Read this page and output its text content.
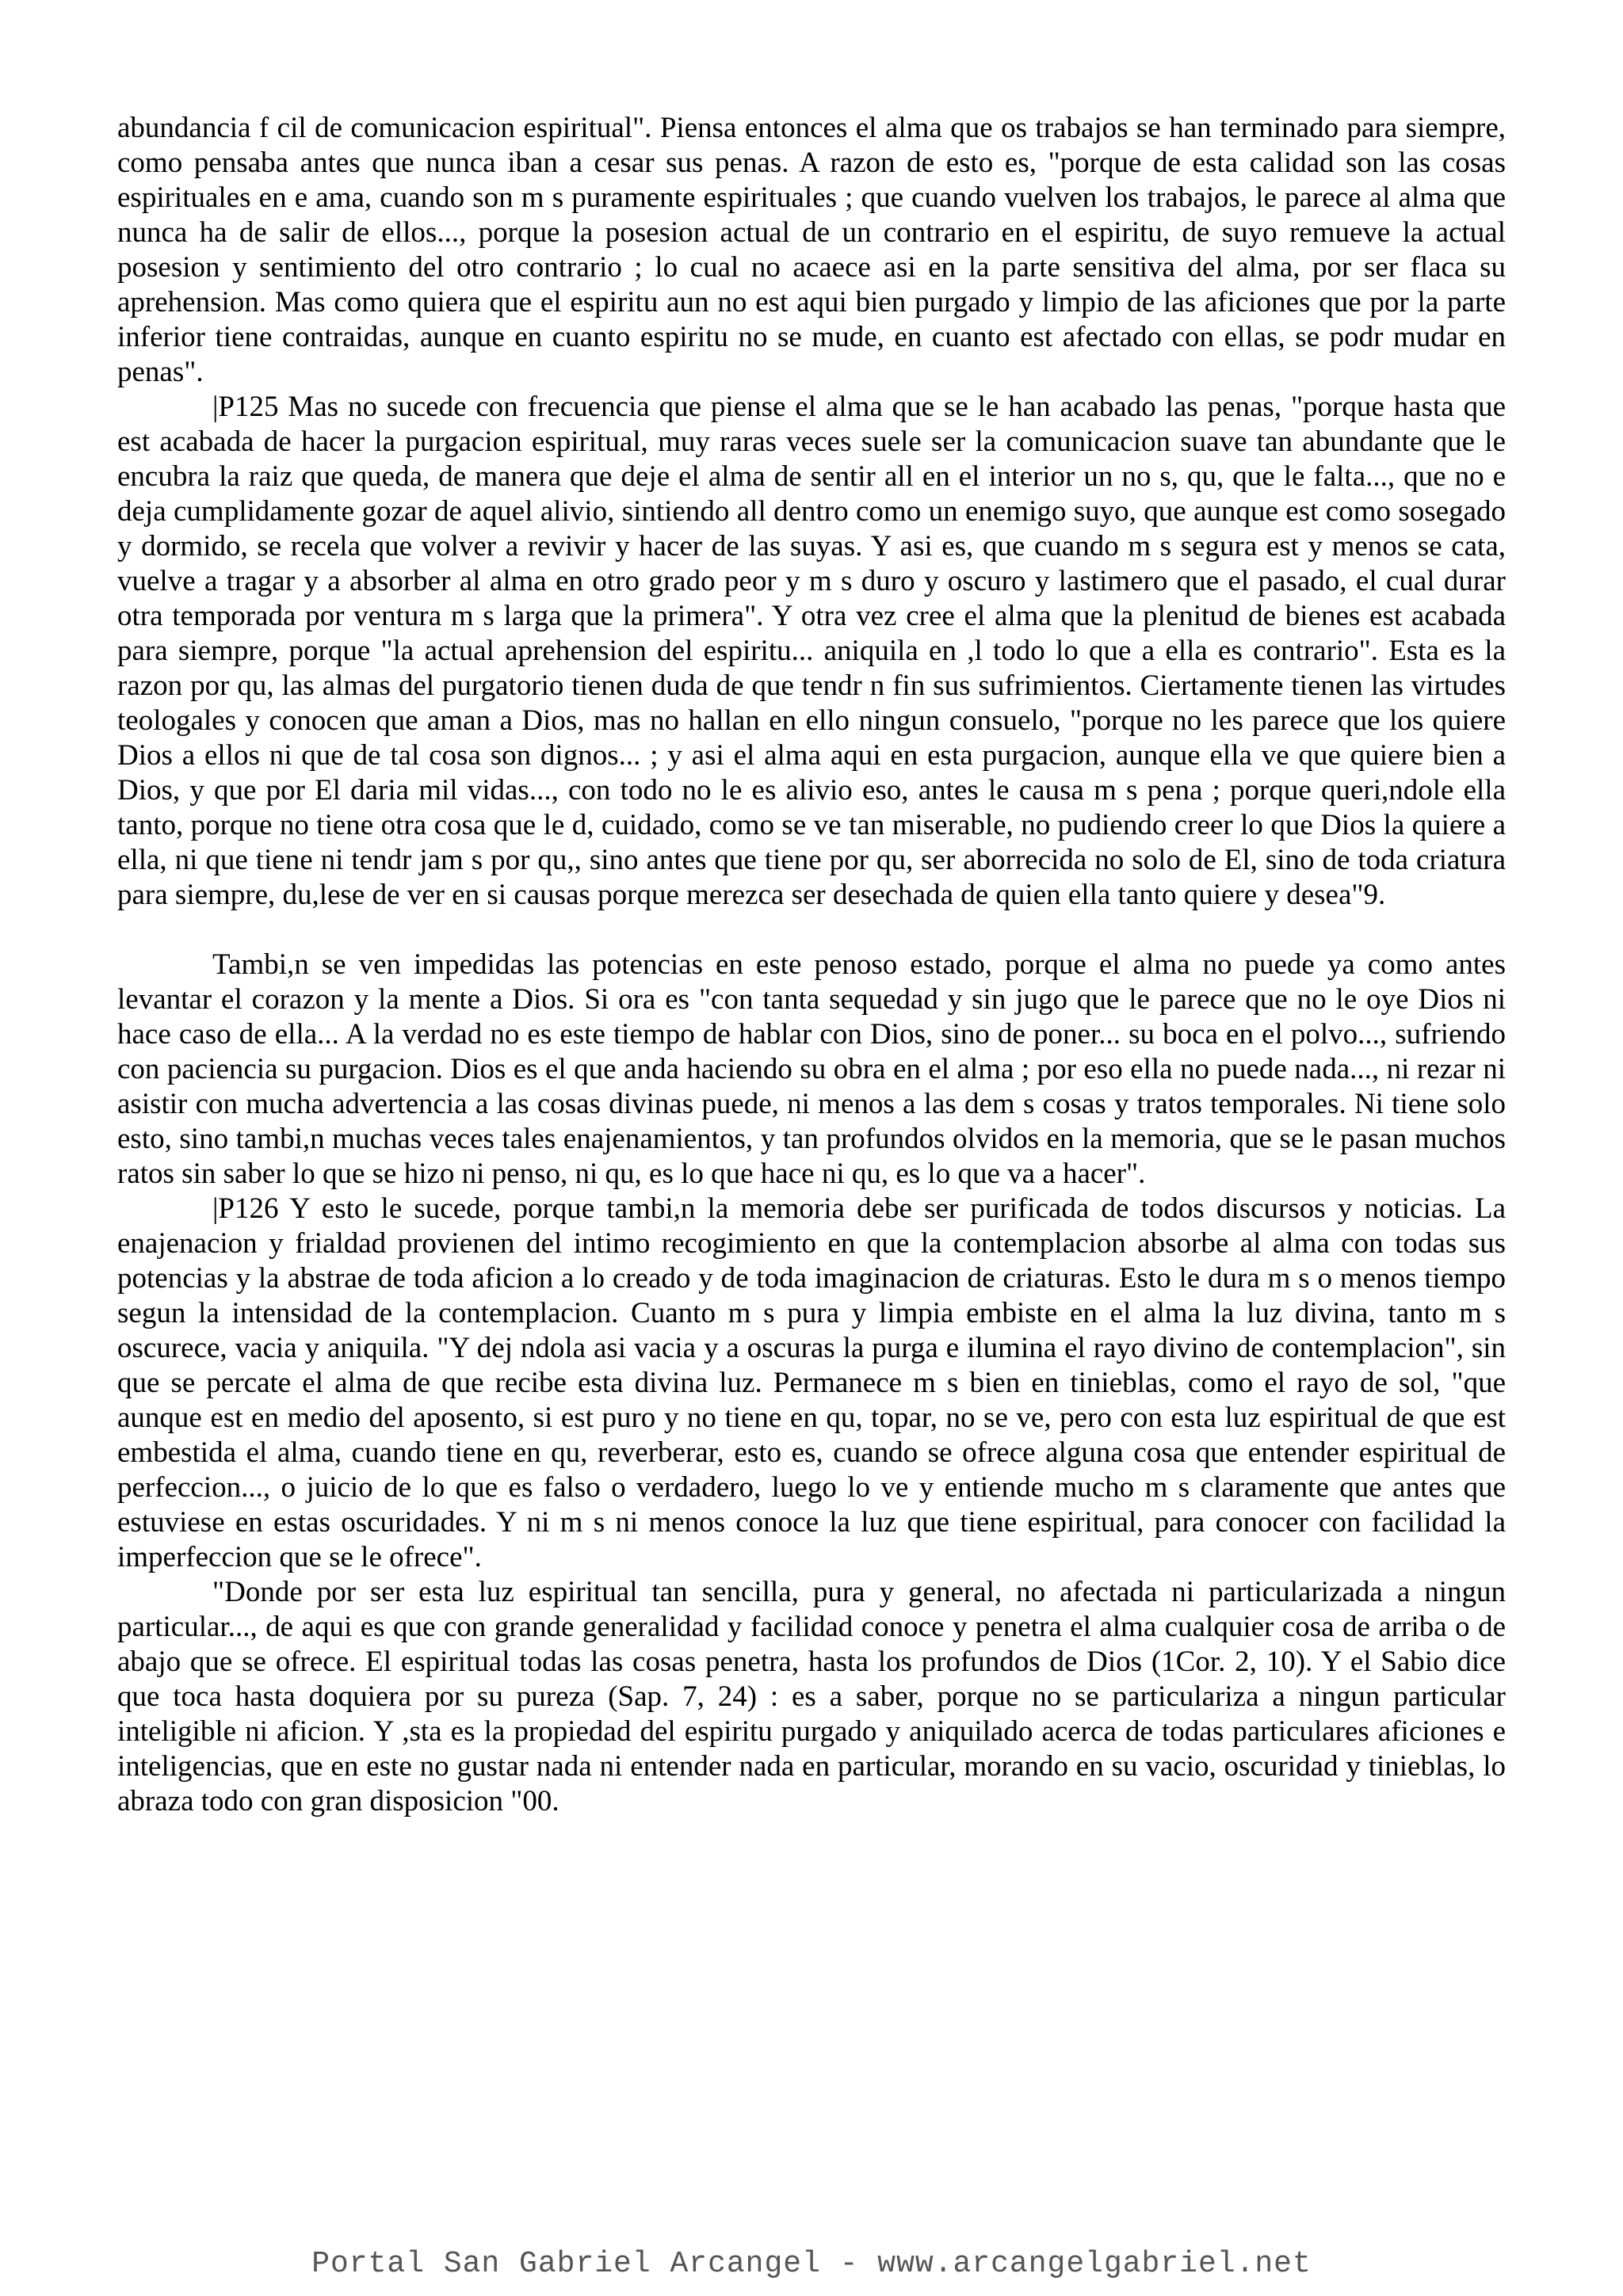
abundancia f cil de comunicacion espiritual". Piensa entonces el alma que os trabajos se han terminado para siempre, como pensaba antes que nunca iban a cesar sus penas. A razon de esto es, "porque de esta calidad son las cosas espirituales en e ama, cuando son m s puramente espirituales ; que cuando vuelven los trabajos, le parece al alma que nunca ha de salir de ellos..., porque la posesion actual de un contrario en el espiritu, de suyo remueve la actual posesion y sentimiento del otro contrario ; lo cual no acaece asi en la parte sensitiva del alma, por ser flaca su aprehension. Mas como quiera que el espiritu aun no est aqui bien purgado y limpio de las aficiones que por la parte inferior tiene contraidas, aunque en cuanto espiritu no se mude, en cuanto est afectado con ellas, se podr mudar en penas".

|P125 Mas no sucede con frecuencia que piense el alma que se le han acabado las penas, "porque hasta que est acabada de hacer la purgacion espiritual, muy raras veces suele ser la comunicacion suave tan abundante que le encubra la raiz que queda, de manera que deje el alma de sentir all en el interior un no s, qu, que le falta..., que no e deja cumplidamente gozar de aquel alivio, sintiendo all dentro como un enemigo suyo, que aunque est como sosegado y dormido, se recela que volver a revivir y hacer de las suyas. Y asi es, que cuando m s segura est y menos se cata, vuelve a tragar y a absorber al alma en otro grado peor y m s duro y oscuro y lastimero que el pasado, el cual durar otra temporada por ventura m s larga que la primera". Y otra vez cree el alma que la plenitud de bienes est acabada para siempre, porque "la actual aprehension del espiritu... aniquila en ,l todo lo que a ella es contrario". Esta es la razon por qu, las almas del purgatorio tienen duda de que tendr n fin sus sufrimientos. Ciertamente tienen las virtudes teologales y conocen que aman a Dios, mas no hallan en ello ningun consuelo, "porque no les parece que los quiere Dios a ellos ni que de tal cosa son dignos... ; y asi el alma aqui en esta purgacion, aunque ella ve que quiere bien a Dios, y que por El daria mil vidas..., con todo no le es alivio eso, antes le causa m s pena ; porque queri,ndole ella tanto, porque no tiene otra cosa que le d, cuidado, como se ve tan miserable, no pudiendo creer lo que Dios la quiere a ella, ni que tiene ni tendr jam s por qu,, sino antes que tiene por qu, ser aborrecida no solo de El, sino de toda criatura para siempre, du,lese de ver en si causas porque merezca ser desechada de quien ella tanto quiere y desea"9.

Tambi,n se ven impedidas las potencias en este penoso estado, porque el alma no puede ya como antes levantar el corazon y la mente a Dios. Si ora es "con tanta sequedad y sin jugo que le parece que no le oye Dios ni hace caso de ella... A la verdad no es este tiempo de hablar con Dios, sino de poner... su boca en el polvo..., sufriendo con paciencia su purgacion. Dios es el que anda haciendo su obra en el alma ; por eso ella no puede nada..., ni rezar ni asistir con mucha advertencia a las cosas divinas puede, ni menos a las dem s cosas y tratos temporales. Ni tiene solo esto, sino tambi,n muchas veces tales enajenamientos, y tan profundos olvidos en la memoria, que se le pasan muchos ratos sin saber lo que se hizo ni penso, ni qu, es lo que hace ni qu, es lo que va a hacer".

|P126 Y esto le sucede, porque tambi,n la memoria debe ser purificada de todos discursos y noticias. La enajenacion y frialdad provienen del intimo recogimiento en que la contemplacion absorbe al alma con todas sus potencias y la abstrae de toda aficion a lo creado y de toda imaginacion de criaturas. Esto le dura m s o menos tiempo segun la intensidad de la contemplacion. Cuanto m s pura y limpia embiste en el alma la luz divina, tanto m s oscurece, vacia y aniquila. "Y dej ndola asi vacia y a oscuras la purga e ilumina el rayo divino de contemplacion", sin que se percate el alma de que recibe esta divina luz. Permanece m s bien en tinieblas, como el rayo de sol, "que aunque est en medio del aposento, si est puro y no tiene en qu, topar, no se ve, pero con esta luz espiritual de que est embestida el alma, cuando tiene en qu, reverberar, esto es, cuando se ofrece alguna cosa que entender espiritual de perfeccion..., o juicio de lo que es falso o verdadero, luego lo ve y entiende mucho m s claramente que antes que estuviese en estas oscuridades. Y ni m s ni menos conoce la luz que tiene espiritual, para conocer con facilidad la imperfeccion que se le ofrece".

"Donde por ser esta luz espiritual tan sencilla, pura y general, no afectada ni particularizada a ningun particular..., de aqui es que con grande generalidad y facilidad conoce y penetra el alma cualquier cosa de arriba o de abajo que se ofrece. El espiritual todas las cosas penetra, hasta los profundos de Dios (1Cor. 2, 10). Y el Sabio dice que toca hasta doquiera por su pureza (Sap. 7, 24) : es a saber, porque no se particulariza a ningun particular inteligible ni aficion. Y ,sta es la propiedad del espiritu purgado y aniquilado acerca de todas particulares aficiones e inteligencias, que en este no gustar nada ni entender nada en particular, morando en su vacio, oscuridad y tinieblas, lo abraza todo con gran disposicion "00.

Portal San Gabriel Arcangel - www.arcangelgabriel.net
